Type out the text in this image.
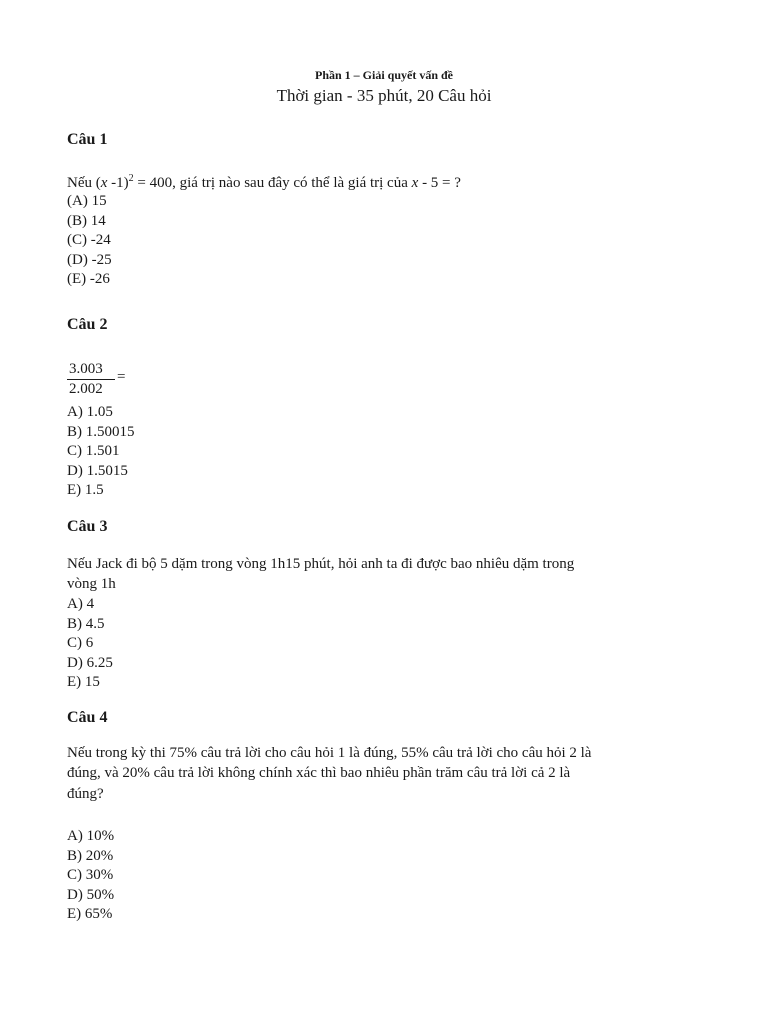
Phần 1 – Giải quyết vấn đề
Thời gian - 35 phút, 20 Câu hỏi
Câu 1
Nếu (x -1)$^2$ = 400, giá trị nào sau đây có thể là giá trị của x - 5 = ?
(A) 15
(B) 14
(C) -24
(D) -25
(E) -26
Câu 2
3.003
2.002
=
A) 1.05
B) 1.50015
C) 1.501
D) 1.5015
E) 1.5
Câu 3
Nếu Jack đi bộ 5 dặm trong vòng 1h15 phút, hỏi anh ta đi được bao nhiêu dặm trong
vòng 1h
A) 4
B) 4.5
C) 6
D) 6.25
E) 15
Câu 4
Nếu trong kỳ thi 75% câu trả lời cho câu hỏi 1 là đúng, 55% câu trả lời cho câu hỏi 2 là
đúng, và 20% câu trả lời không chính xác thì bao nhiêu phần trăm câu trả lời cả 2 là
đúng?
A) 10%
B) 20%
C) 30%
D) 50%
E) 65%
